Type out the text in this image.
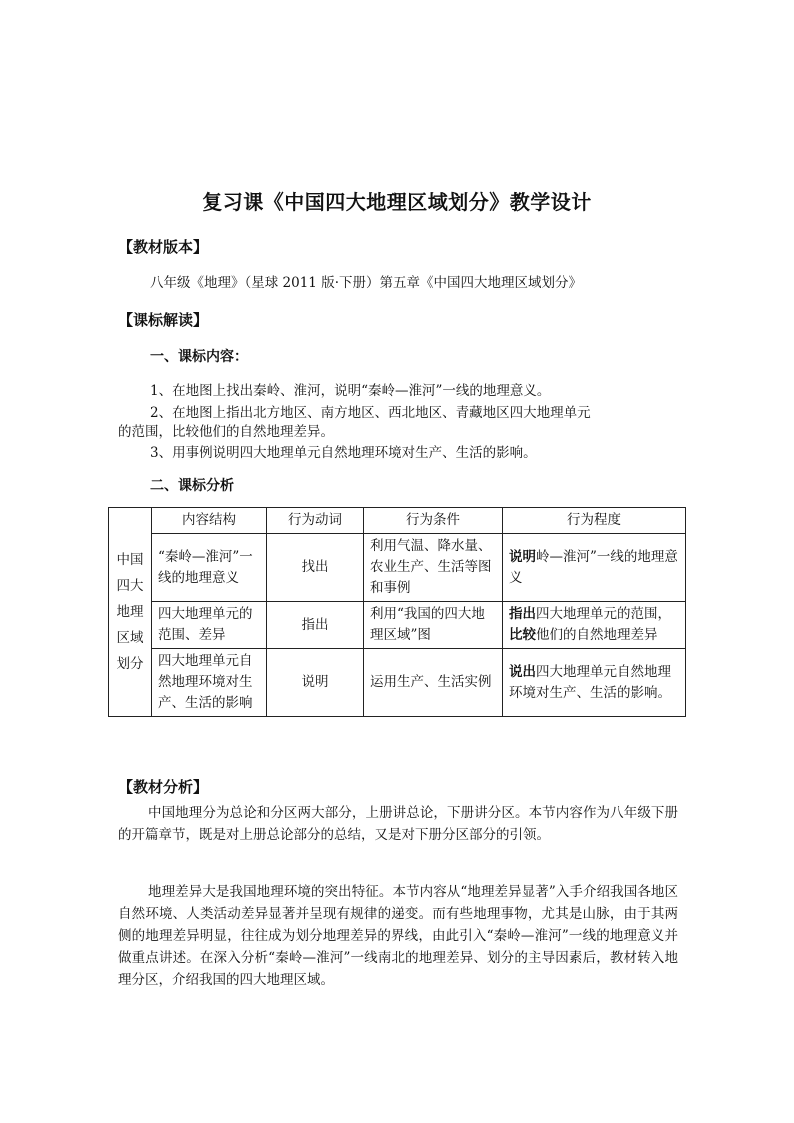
复习课《中国四大地理区域划分》教学设计
【教材版本】
八年级《地理》（星球 2011 版·下册）第五章《中国四大地理区域划分》
【课标解读】
一、课标内容：
1、在地图上找出秦岭、淮河，说明“秦岭—淮河”一线的地理意义。
2、在地图上指出北方地区、南方地区、西北地区、青藏地区四大地理单元
的范围，比较他们的自然地理差异。
3、用事例说明四大地理单元自然地理环境对生产、生活的影响。
二、课标分析
中国四大地理区域划分	内容结构	行为动词	行为条件	行为程度
	“秦岭—淮河”一线的地理意义	找出	利用气温、降水量、农业生产、生活等图和事例	说明岭—淮河”一线的地理意义
	四大地理单元的范围、差异	指出	利用“我国的四大地理区域”图	指出四大地理单元的范围，比较他们的自然地理差异
	四大地理单元自然地理环境对生产、生活的影响	说明	运用生产、生活实例	说出四大地理单元自然地理环境对生产、生活的影响。
【教材分析】
中国地理分为总论和分区两大部分，上册讲总论，下册讲分区。本节内容作为八年级下册的开篇章节，既是对上册总论部分的总结，又是对下册分区部分的引领。
地理差异大是我国地理环境的突出特征。本节内容从“地理差异显著”入手介绍我国各地区自然环境、人类活动差异显著并呈现有规律的递变。而有些地理事物，尤其是山脉，由于其两侧的地理差异明显，往往成为划分地理差异的界线，由此引入“秦岭—淮河”一线的地理意义并做重点讲述。在深入分析“秦岭—淮河”一线南北的地理差异、划分的主导因素后，教材转入地理分区，介绍我国的四大地理区域。
